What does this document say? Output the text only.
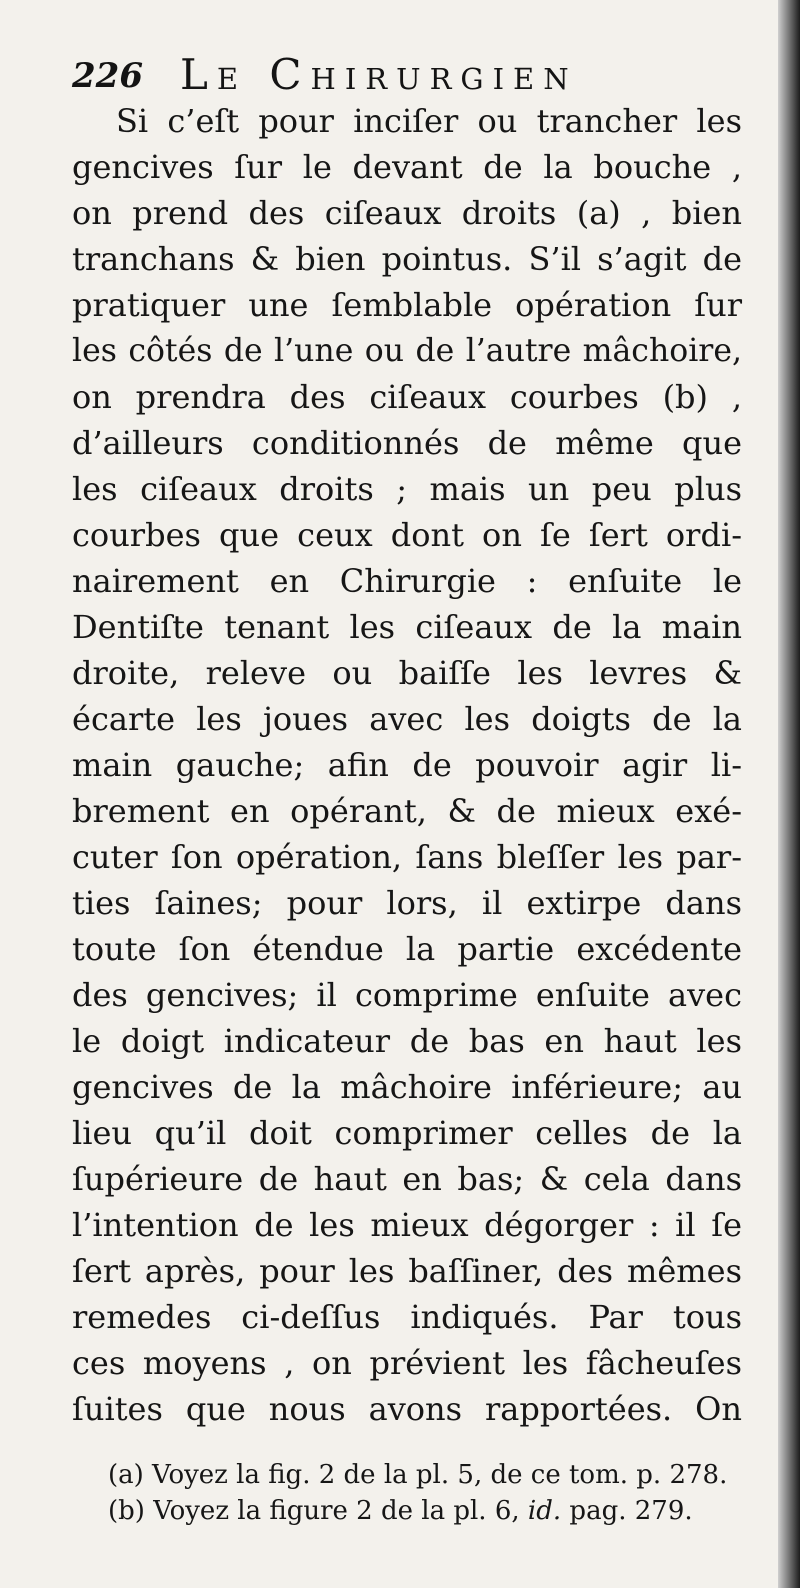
226 Le Chirurgien
Si c’eſt pour inciſer ou trancher les
gencives ſur le devant de la bouche ,
on prend des ciſeaux droits (a) , bien
tranchans & bien pointus. S’il s’agit de
pratiquer une ſemblable opération ſur
les côtés de l’une ou de l’autre mâchoire,
on prendra des ciſeaux courbes (b) ,
d’ailleurs conditionnés de même que
les ciſeaux droits ; mais un peu plus
courbes que ceux dont on ſe ſert ordi-
nairement en Chirurgie : enſuite le
Dentiſte tenant les ciſeaux de la main
droite, releve ou baiſſe les levres &
écarte les joues avec les doigts de la
main gauche; afin de pouvoir agir li-
brement en opérant, & de mieux exé-
cuter ſon opération, ſans bleſſer les par-
ties ſaines; pour lors, il extirpe dans
toute ſon étendue la partie excédente
des gencives; il comprime enſuite avec
le doigt indicateur de bas en haut les
gencives de la mâchoire inférieure; au
lieu qu’il doit comprimer celles de la
ſupérieure de haut en bas; & cela dans
l’intention de les mieux dégorger : il ſe
ſert après, pour les baſſiner, des mêmes
remedes ci-deſſus indiqués. Par tous
ces moyens , on prévient les fâcheuſes
ſuites que nous avons rapportées. On
(a) Voyez la fig. 2 de la pl. 5, de ce tom. p. 278.
(b) Voyez la figure 2 de la pl. 6, id. pag. 279.
